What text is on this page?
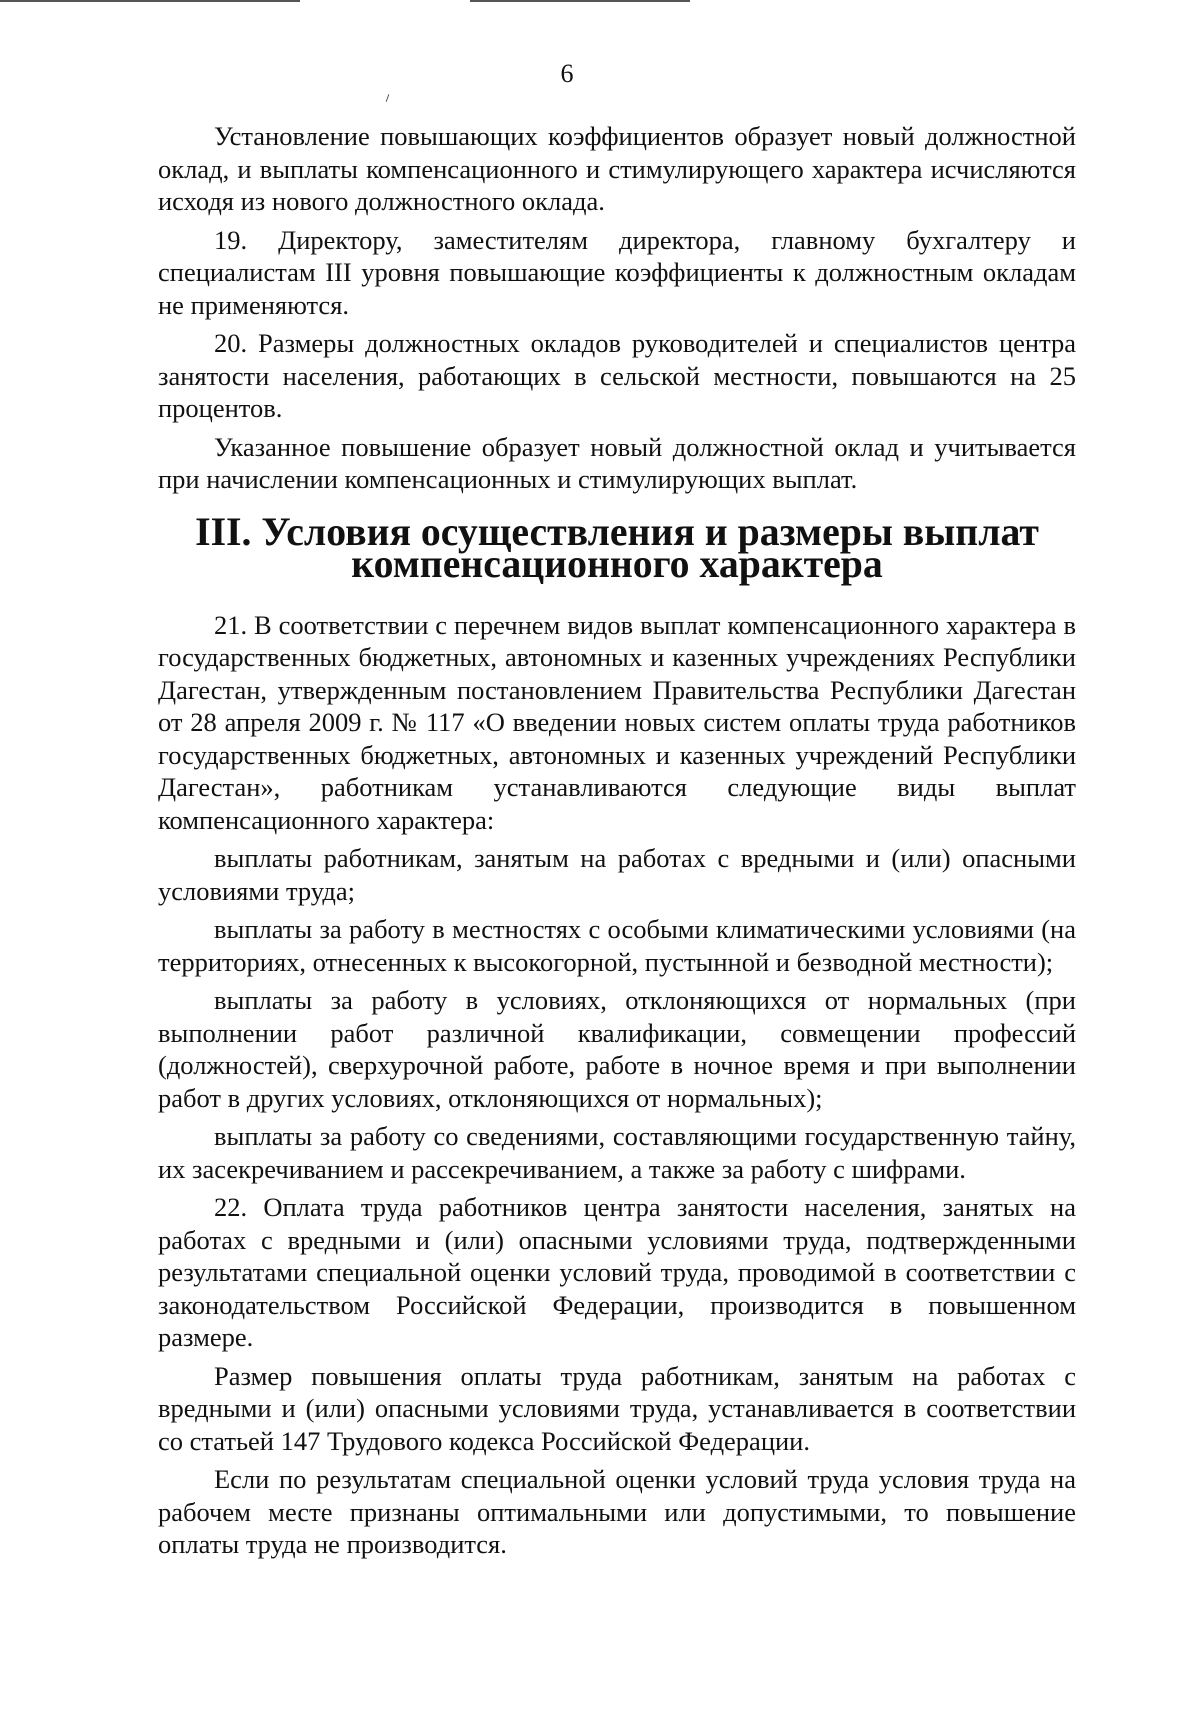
6

Установление повышающих коэффициентов образует новый должностной оклад, и выплаты компенсационного и стимулирующего характера исчисляются исходя из нового должностного оклада.

19. Директору, заместителям директора, главному бухгалтеру и специалистам III уровня повышающие коэффициенты к должностным окладам не применяются.

20. Размеры должностных окладов руководителей и специалистов центра занятости населения, работающих в сельской местности, повышаются на 25 процентов.

Указанное повышение образует новый должностной оклад и учитывается при начислении компенсационных и стимулирующих выплат.

III. Условия осуществления и размеры выплат
компенсационного характера

21. В соответствии с перечнем видов выплат компенсационного характера в государственных бюджетных, автономных и казенных учреждениях Республики Дагестан, утвержденным постановлением Правительства Республики Дагестан от 28 апреля 2009 г. № 117 «О введении новых систем оплаты труда работников государственных бюджетных, автономных и казенных учреждений Республики Дагестан», работникам устанавливаются следующие виды выплат компенсационного характера:

выплаты работникам, занятым на работах с вредными и (или) опасными условиями труда;

выплаты за работу в местностях с особыми климатическими условиями (на территориях, отнесенных к высокогорной, пустынной и безводной местности);

выплаты за работу в условиях, отклоняющихся от нормальных (при выполнении работ различной квалификации, совмещении профессий (должностей), сверхурочной работе, работе в ночное время и при выполнении работ в других условиях, отклоняющихся от нормальных);

выплаты за работу со сведениями, составляющими государственную тайну, их засекречиванием и рассекречиванием, а также за работу с шифрами.

22. Оплата труда работников центра занятости населения, занятых на работах с вредными и (или) опасными условиями труда, подтвержденными результатами специальной оценки условий труда, проводимой в соответствии с законодательством Российской Федерации, производится в повышенном размере.

Размер повышения оплаты труда работникам, занятым на работах с вредными и (или) опасными условиями труда, устанавливается в соответствии со статьей 147 Трудового кодекса Российской Федерации.

Если по результатам специальной оценки условий труда условия труда на рабочем месте признаны оптимальными или допустимыми, то повышение оплаты труда не производится.
